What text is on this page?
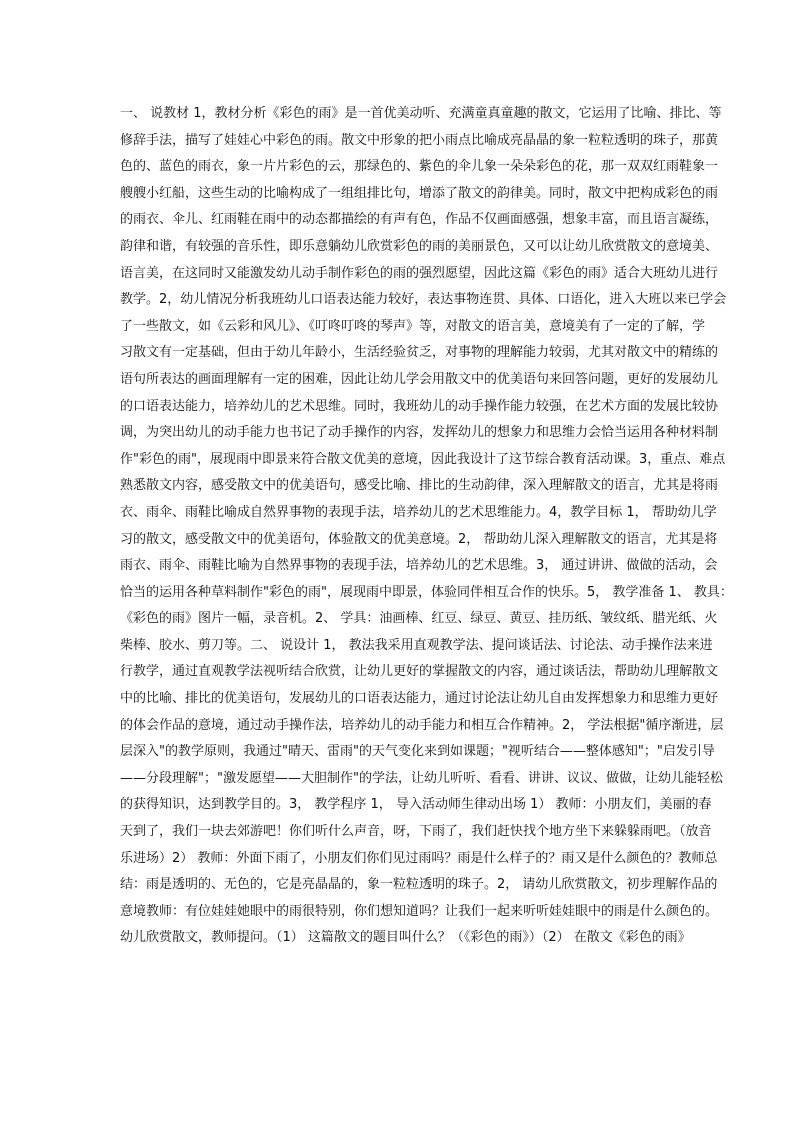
一、 说教材 1，教材分析《彩色的雨》是一首优美动听、充满童真童趣的散文，它运用了比喻、排比、等
修辞手法，描写了娃娃心中彩色的雨。散文中形象的把小雨点比喻成亮晶晶的象一粒粒透明的珠子，那黄
色的、蓝色的雨衣，象一片片彩色的云，那绿色的、紫色的伞儿象一朵朵彩色的花，那一双双红雨鞋象一
艘艘小红船，这些生动的比喻构成了一组组排比句，增添了散文的韵律美。同时，散文中把构成彩色的雨
的雨衣、伞儿、红雨鞋在雨中的动态都描绘的有声有色，作品不仅画面感强，想象丰富，而且语言凝练，
韵律和谐，有较强的音乐性，即乐意躺幼儿欣赏彩色的雨的美丽景色，又可以让幼儿欣赏散文的意境美、
语言美，在这同时又能激发幼儿动手制作彩色的雨的强烈愿望，因此这篇《彩色的雨》适合大班幼儿进行
教学。2，幼儿情况分析我班幼儿口语表达能力较好，表达事物连贯、具体、口语化，进入大班以来已学会
了一些散文，如《云彩和风儿》、《叮咚叮咚的琴声》等，对散文的语言美，意境美有了一定的了解，学
习散文有一定基础，但由于幼儿年龄小，生活经验贫乏，对事物的理解能力较弱，尤其对散文中的精练的
语句所表达的画面理解有一定的困难，因此让幼儿学会用散文中的优美语句来回答问题，更好的发展幼儿
的口语表达能力，培养幼儿的艺术思维。同时，我班幼儿的动手操作能力较强，在艺术方面的发展比较协
调，为突出幼儿的动手能力也书记了动手操作的内容，发挥幼儿的想象力和思维力会恰当运用各种材料制
作"彩色的雨"，展现雨中即景来符合散文优美的意境，因此我设计了这节综合教育活动课。3，重点、难点
熟悉散文内容，感受散文中的优美语句，感受比喻、排比的生动韵律，深入理解散文的语言，尤其是将雨
衣、雨伞、雨鞋比喻成自然界事物的表现手法，培养幼儿的艺术思维能力。4，教学目标 1， 帮助幼儿学
习的散文，感受散文中的优美语句，体验散文的优美意境。2， 帮助幼儿深入理解散文的语言，尤其是将
雨衣、雨伞、雨鞋比喻为自然界事物的表现手法，培养幼儿的艺术思维。3， 通过讲讲、做做的活动，会
恰当的运用各种草料制作"彩色的雨"，展现雨中即景，体验同伴相互合作的快乐。5， 教学准备 1、 教具：
《彩色的雨》图片一幅，录音机。2、 学具：油画棒、红豆、绿豆、黄豆、挂历纸、皱纹纸、腊光纸、火
柴棒、胶水、剪刀等。二、 说设计 1， 教法我采用直观教学法、提问谈话法、讨论法、动手操作法来进
行教学，通过直观教学法视听结合欣赏，让幼儿更好的掌握散文的内容，通过谈话法，帮助幼儿理解散文
中的比喻、排比的优美语句，发展幼儿的口语表达能力，通过讨论法让幼儿自由发挥想象力和思维力更好
的体会作品的意境，通过动手操作法，培养幼儿的动手能力和相互合作精神。2， 学法根据"循序渐进，层
层深入"的教学原则，我通过"晴天、雷雨"的天气变化来到如课题；"视听结合——整体感知"；"启发引导
——分段理解"；"激发愿望——大胆制作"的学法，让幼儿听听、看看、讲讲、议议、做做，让幼儿能轻松
的获得知识，达到教学目的。3， 教学程序 1， 导入活动师生律动出场 1） 教师：小朋友们，美丽的春
天到了，我们一块去郊游吧！你们听什么声音，呀，下雨了，我们赶快找个地方坐下来躲躲雨吧。（放音
乐进场）2） 教师：外面下雨了，小朋友们你们见过雨吗？雨是什么样子的？雨又是什么颜色的？教师总
结：雨是透明的、无色的，它是亮晶晶的，象一粒粒透明的珠子。2， 请幼儿欣赏散文，初步理解作品的
意境教师：有位娃娃她眼中的雨很特别，你们想知道吗？让我们一起来听听娃娃眼中的雨是什么颜色的。
幼儿欣赏散文，教师提问。（1） 这篇散文的题目叫什么？（《彩色的雨》）（2） 在散文《彩色的雨》
